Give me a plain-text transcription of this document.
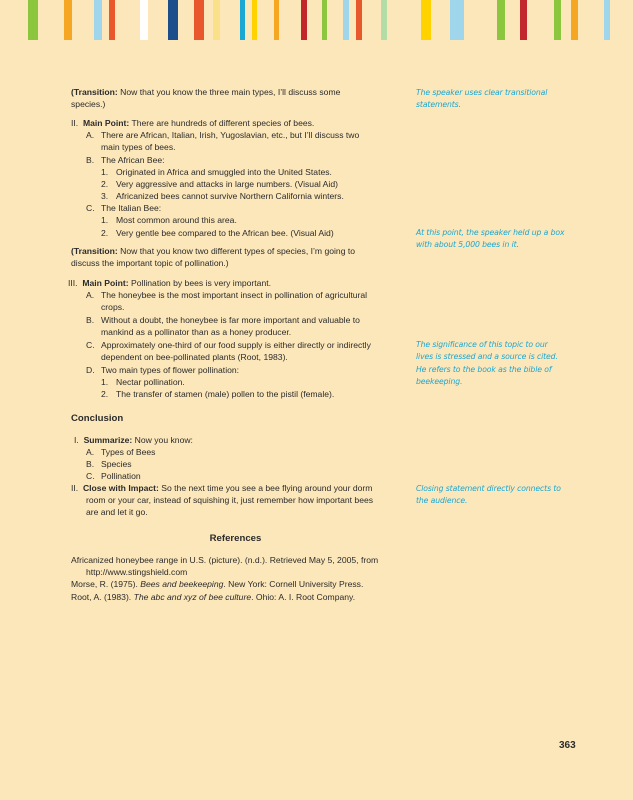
(Transition: Now that you know the three main types, I’ll discuss some

species.)

II. Main Point: There are hundreds of different species of bees.

A. There are African, Italian, Irish, Yugoslavian, etc., but I’ll discuss two

main types of bees.

B. The African Bee:

1. Originated in Africa and smuggled into the United States.

2. Very aggressive and attacks in large numbers. (Visual Aid)

3. Africanized bees cannot survive Northern California winters.

C. The Italian Bee:

1. Most common around this area.

2. Very gentle bee compared to the African bee. (Visual Aid)

(Transition: Now that you know two different types of species, I’m going to

discuss the important topic of pollination.)

III. Main Point: Pollination by bees is very important.

A. The honeybee is the most important insect in pollination of agricultural

crops.

B. Without a doubt, the honeybee is far more important and valuable to

mankind as a pollinator than as a honey producer.

C. Approximately one-third of our food supply is either directly or indirectly

dependent on bee-pollinated plants (Root, 1983).

D. Two main types of flower pollination:

1. Nectar pollination.

2. The transfer of stamen (male) pollen to the pistil (female).

Conclusion

I. Summarize: Now you know:

A. Types of Bees

B. Species

C. Pollination

II. Close with Impact: So the next time you see a bee flying around your dorm

room or your car, instead of squishing it, just remember how important bees

are and let it go.

References

Africanized honeybee range in U.S. (picture). (n.d.). Retrieved May 5, 2005, from

http://www.stingshield.com

Morse, R. (1975). Bees and beekeeping. New York: Cornell University Press.

Root, A. (1983). The abc and xyz of bee culture. Ohio: A. I. Root Company.

The speaker uses clear transitional

statements.

At this point, the speaker held up a box

with about 5,000 bees in it.

The significance of this topic to our

lives is stressed and a source is cited.

He refers to the book as the bible of

beekeeping.

Closing statement directly connects to

the audience.

363
